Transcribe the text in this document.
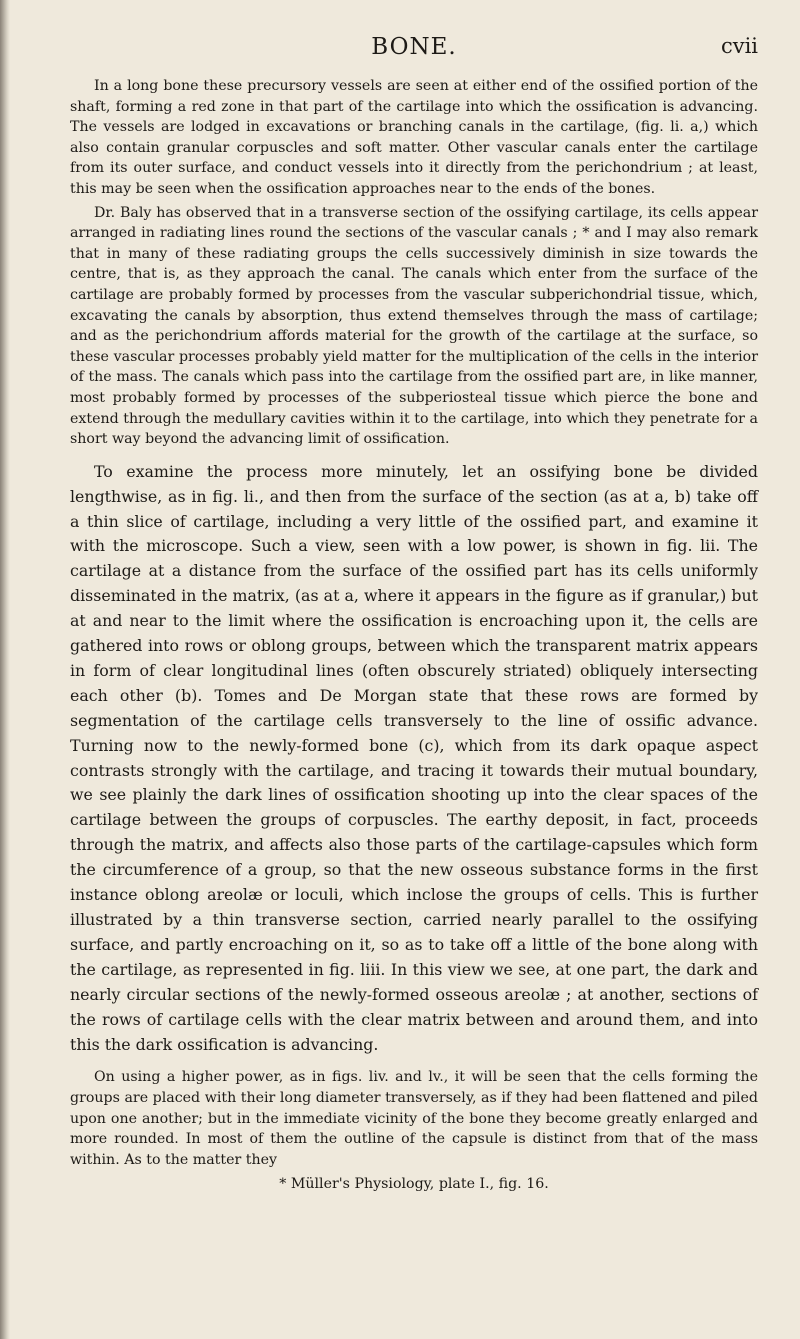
BONE.	cvii

In a long bone these precursory vessels are seen at either end of the ossified portion of the shaft, forming a red zone in that part of the cartilage into which the ossification is advancing. The vessels are lodged in excavations or branching canals in the cartilage, (fig. li. a,) which also contain granular corpuscles and soft matter. Other vascular canals enter the cartilage from its outer surface, and conduct vessels into it directly from the perichondrium ; at least, this may be seen when the ossification approaches near to the ends of the bones.

Dr. Baly has observed that in a transverse section of the ossifying cartilage, its cells appear arranged in radiating lines round the sections of the vascular canals ; * and I may also remark that in many of these radiating groups the cells successively diminish in size towards the centre, that is, as they approach the canal. The canals which enter from the surface of the cartilage are probably formed by processes from the vascular subperichondrial tissue, which, excavating the canals by absorption, thus extend themselves through the mass of cartilage; and as the perichondrium affords material for the growth of the cartilage at the surface, so these vascular processes probably yield matter for the multiplication of the cells in the interior of the mass. The canals which pass into the cartilage from the ossified part are, in like manner, most probably formed by processes of the subperiosteal tissue which pierce the bone and extend through the medullary cavities within it to the cartilage, into which they penetrate for a short way beyond the advancing limit of ossification.

To examine the process more minutely, let an ossifying bone be divided lengthwise, as in fig. li., and then from the surface of the section (as at a, b) take off a thin slice of cartilage, including a very little of the ossified part, and examine it with the microscope. Such a view, seen with a low power, is shown in fig. lii. The cartilage at a distance from the surface of the ossified part has its cells uniformly disseminated in the matrix, (as at a, where it appears in the figure as if granular,) but at and near to the limit where the ossification is encroaching upon it, the cells are gathered into rows or oblong groups, between which the transparent matrix appears in form of clear longitudinal lines (often obscurely striated) obliquely intersecting each other (b). Tomes and De Morgan state that these rows are formed by segmentation of the cartilage cells transversely to the line of ossific advance. Turning now to the newly-formed bone (c), which from its dark opaque aspect contrasts strongly with the cartilage, and tracing it towards their mutual boundary, we see plainly the dark lines of ossification shooting up into the clear spaces of the cartilage between the groups of corpuscles. The earthy deposit, in fact, proceeds through the matrix, and affects also those parts of the cartilage-capsules which form the circumference of a group, so that the new osseous substance forms in the first instance oblong areolæ or loculi, which inclose the groups of cells. This is further illustrated by a thin transverse section, carried nearly parallel to the ossifying surface, and partly encroaching on it, so as to take off a little of the bone along with the cartilage, as represented in fig. liii. In this view we see, at one part, the dark and nearly circular sections of the newly-formed osseous areolæ ; at another, sections of the rows of cartilage cells with the clear matrix between and around them, and into this the dark ossification is advancing.

On using a higher power, as in figs. liv. and lv., it will be seen that the cells forming the groups are placed with their long diameter transversely, as if they had been flattened and piled upon one another; but in the immediate vicinity of the bone they become greatly enlarged and more rounded. In most of them the outline of the capsule is distinct from that of the mass within. As to the matter they

* Müller's Physiology, plate I., fig. 16.
